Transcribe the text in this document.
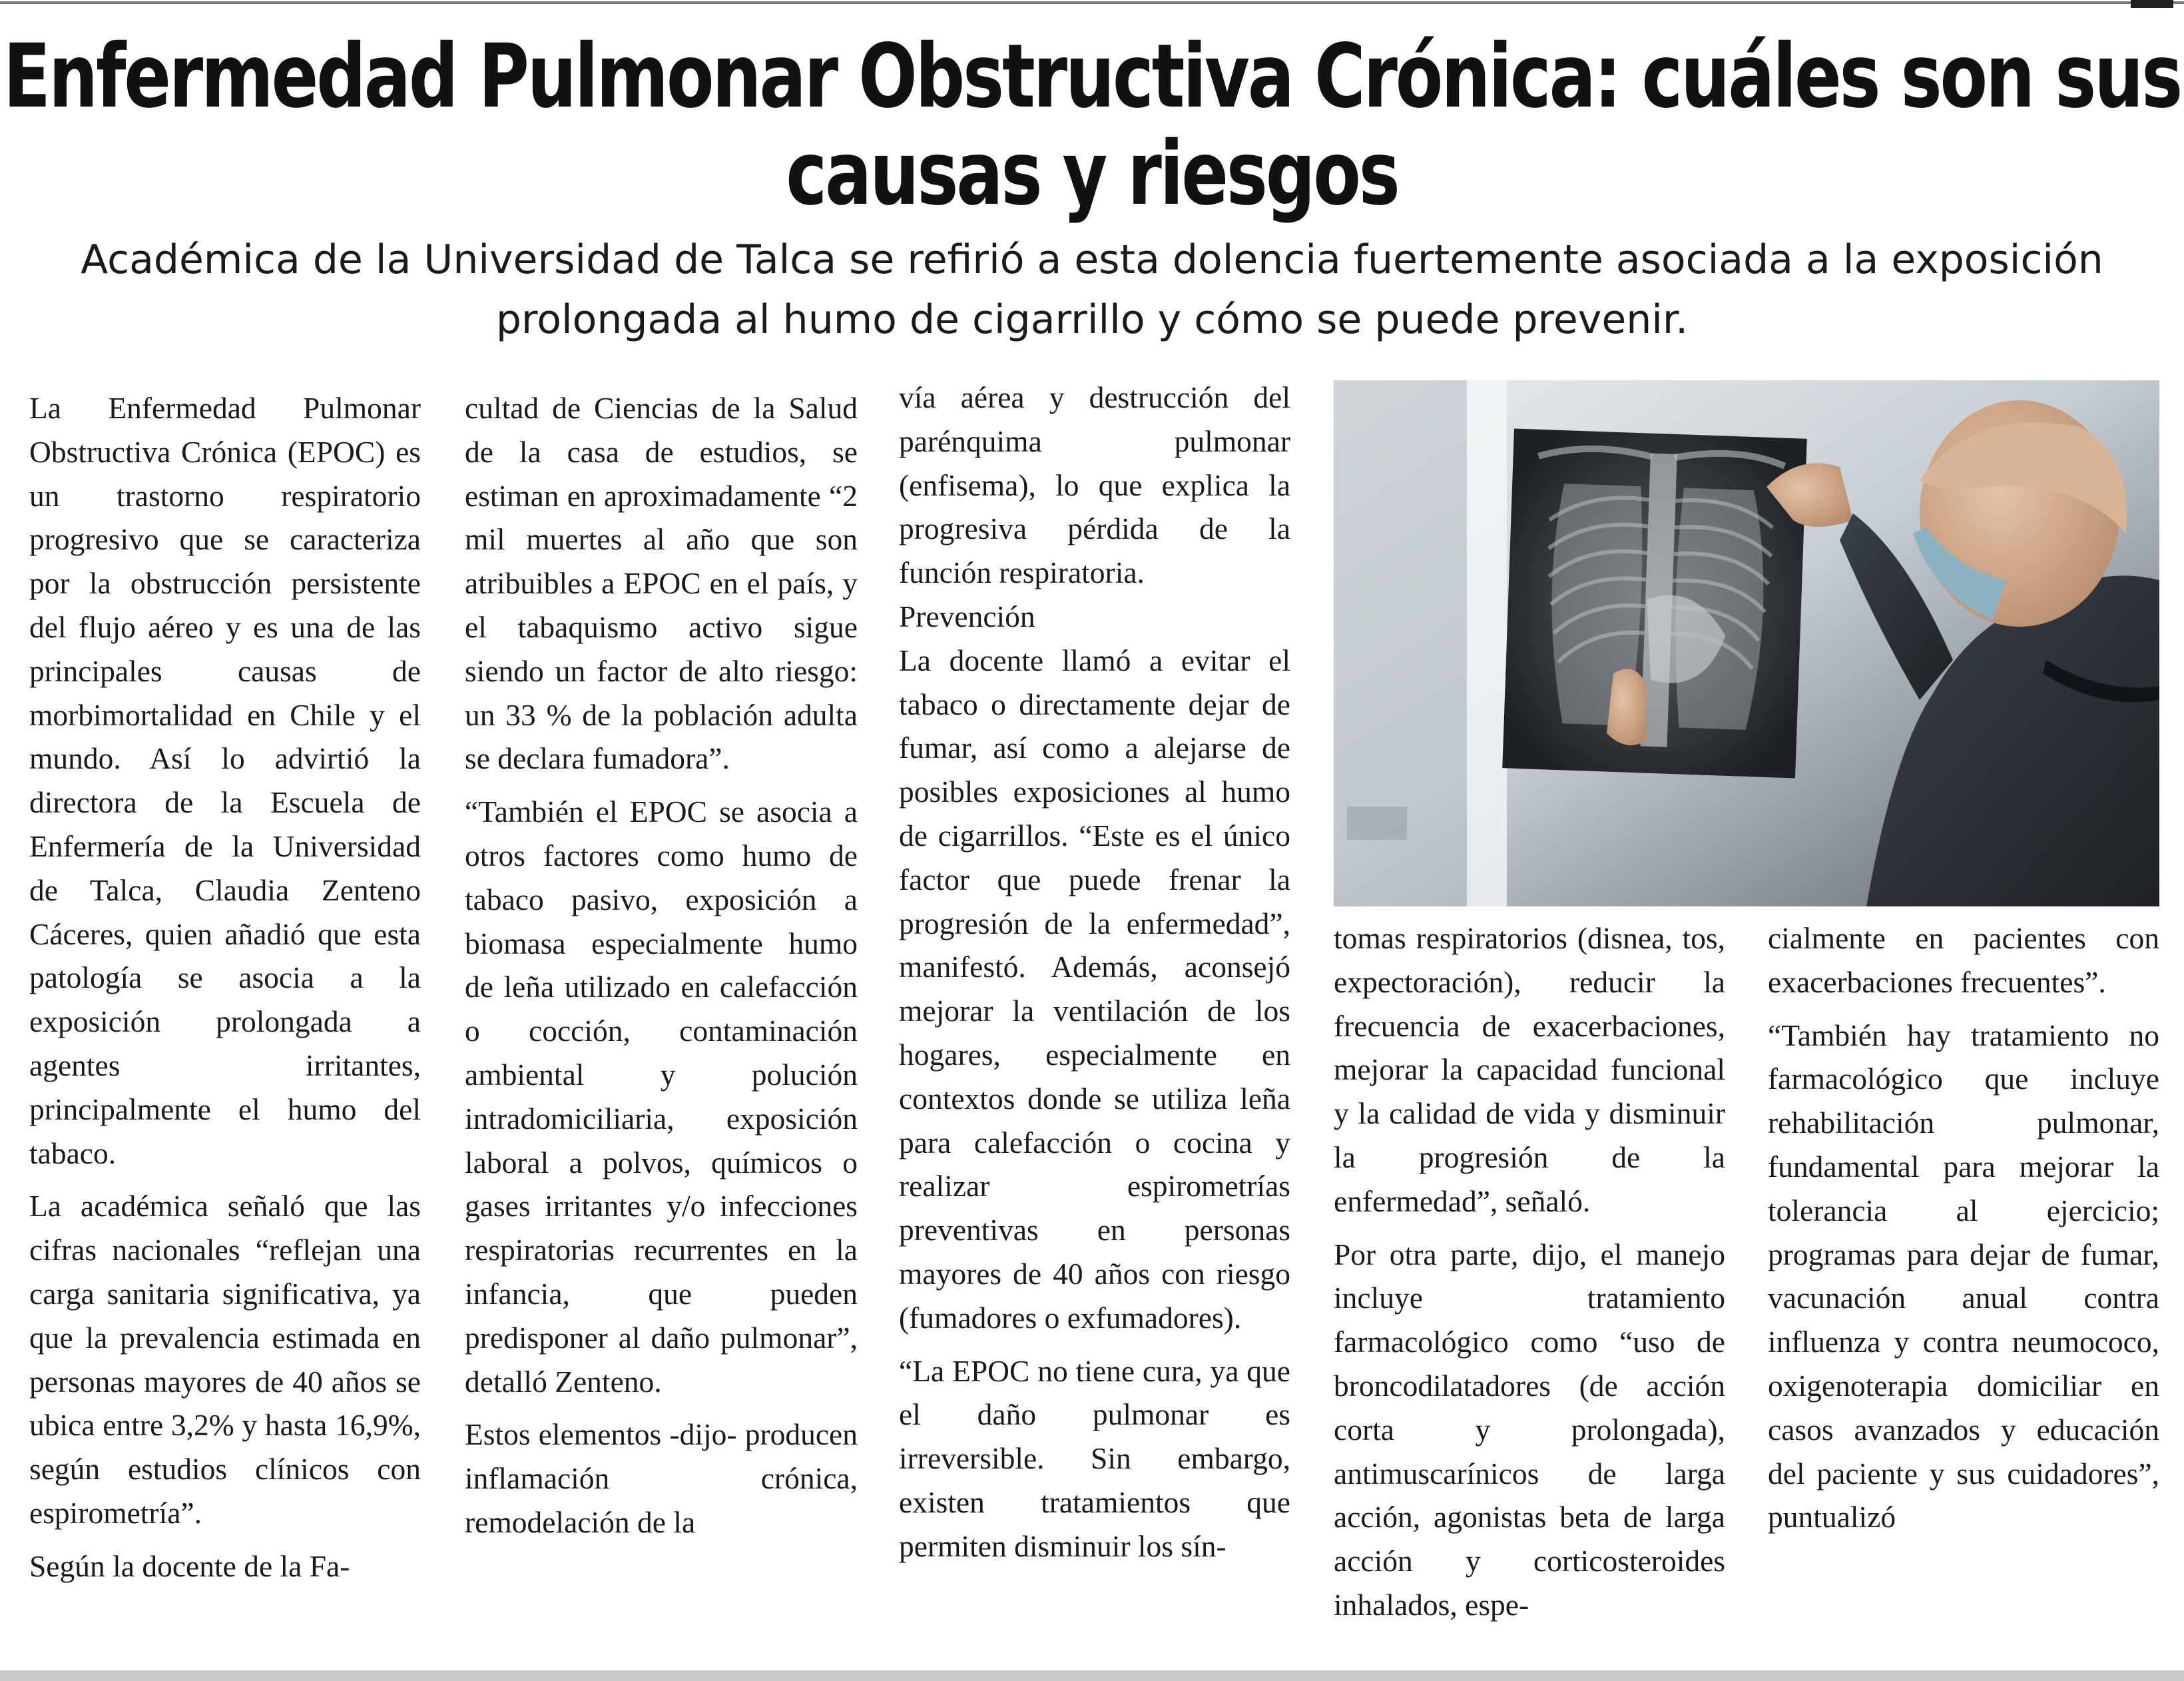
Enfermedad Pulmonar Obstructiva Crónica: cuáles son sus
causas y riesgos
Académica de la Universidad de Talca se refirió a esta dolencia fuertemente asociada a la exposición
prolongada al humo de cigarrillo y cómo se puede prevenir.

La Enfermedad Pulmonar Obstructiva Crónica (EPOC) es un trastorno respiratorio progresivo que se caracteriza por la obstrucción persistente del flujo aéreo y es una de las principales causas de morbimortalidad en Chile y el mundo. Así lo advirtió la directora de la Escuela de Enfermería de la Universidad de Talca, Claudia Zenteno Cáceres, quien añadió que esta patología se asocia a la exposición prolongada a agentes irritantes, principalmente el humo del tabaco.

La académica señaló que las cifras nacionales “reflejan una carga sanitaria significativa, ya que la prevalencia estimada en personas mayores de 40 años se ubica entre 3,2% y hasta 16,9%, según estudios clínicos con espirometría”.

Según la docente de la Fa-

cultad de Ciencias de la Salud de la casa de estudios, se estiman en aproximadamente “2 mil muertes al año que son atribuibles a EPOC en el país, y el tabaquismo activo sigue siendo un factor de alto riesgo: un 33 % de la población adulta se declara fumadora”.

“También el EPOC se asocia a otros factores como humo de tabaco pasivo, exposición a biomasa especialmente humo de leña utilizado en calefacción o cocción, contaminación ambiental y polución intradomiciliaria, exposición laboral a polvos, químicos o gases irritantes y/o infecciones respiratorias recurrentes en la infancia, que pueden predisponer al daño pulmonar”, detalló Zenteno.

Estos elementos -dijo- producen inflamación crónica, remodelación de la

vía aérea y destrucción del parénquima pulmonar (enfisema), lo que explica la progresiva pérdida de la función respiratoria.

Prevención

La docente llamó a evitar el tabaco o directamente dejar de fumar, así como a alejarse de posibles exposiciones al humo de cigarrillos. “Este es el único factor que puede frenar la progresión de la enfermedad”, manifestó. Además, aconsejó mejorar la ventilación de los hogares, especialmente en contextos donde se utiliza leña para calefacción o cocina y realizar espirometrías preventivas en personas mayores de 40 años con riesgo (fumadores o exfumadores).

“La EPOC no tiene cura, ya que el daño pulmonar es irreversible. Sin embargo, existen tratamientos que permiten disminuir los sín-

tomas respiratorios (disnea, tos, expectoración), reducir la frecuencia de exacerbaciones, mejorar la capacidad funcional y la calidad de vida y disminuir la progresión de la enfermedad”, señaló.

Por otra parte, dijo, el manejo incluye tratamiento farmacológico como “uso de broncodilatadores (de acción corta y prolongada), antimuscarínicos de larga acción, agonistas beta de larga acción y corticosteroides inhalados, espe-

cialmente en pacientes con exacerbaciones frecuentes”.

“También hay tratamiento no farmacológico que incluye rehabilitación pulmonar, fundamental para mejorar la tolerancia al ejercicio; programas para dejar de fumar, vacunación anual contra influenza y contra neumococo, oxigenoterapia domiciliar en casos avanzados y educación del paciente y sus cuidadores”, puntualizó
